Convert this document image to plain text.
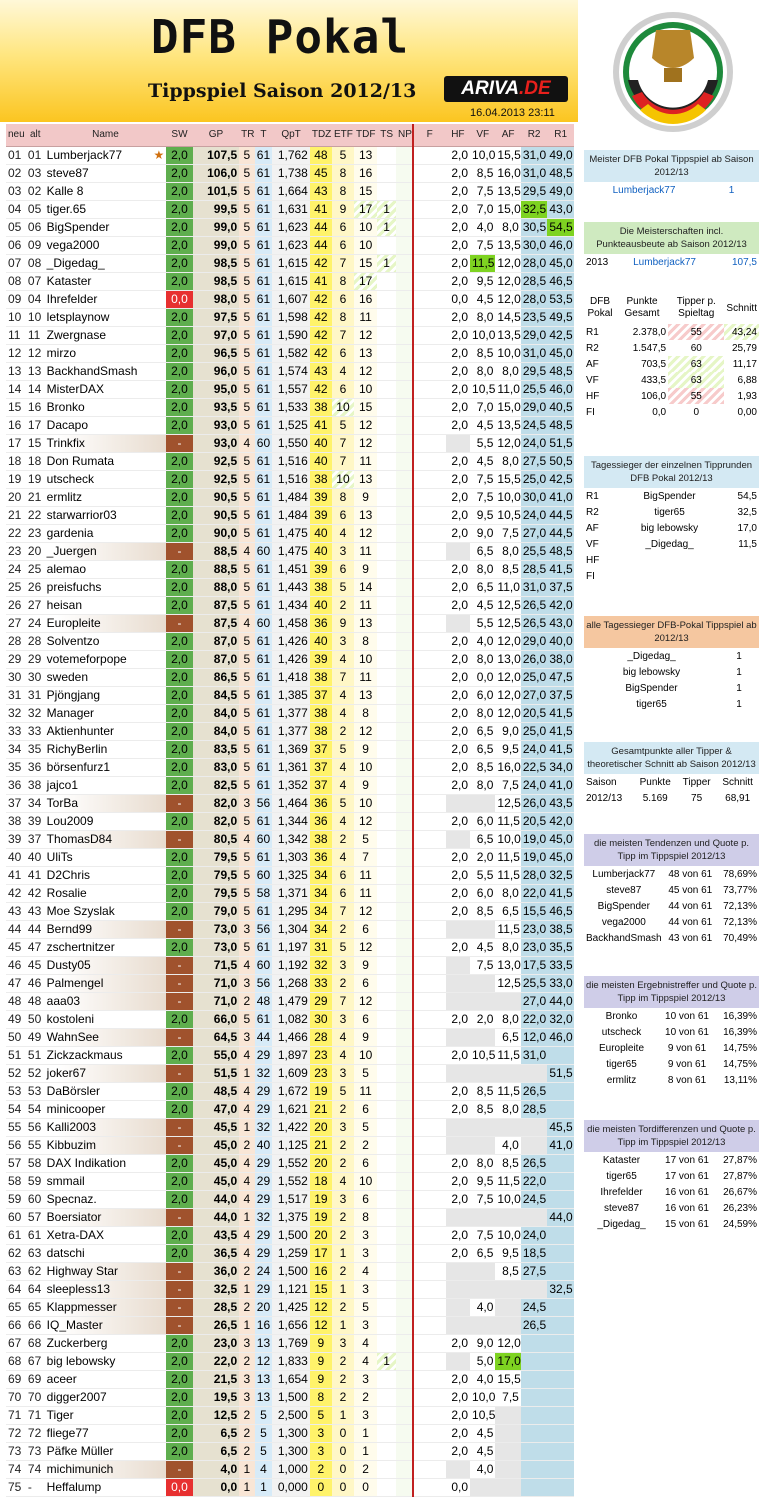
DFB Pokal
Tippspiel Saison 2012/13	ARIVA.DE
16.04.2013 23:11
neu	alt	Name	SW	GP	TR	T	QpT	TDZ	ETF	TDF	TS	NP	F	HF	VF	AF	R2	R1
01	01	Lumberjack77 ★	2,0	107,5	5	61	1,762	48	5	13				2,0	10,0	15,5	31,0	49,0
02	03	steve87	2,0	106,0	5	61	1,738	45	8	16				2,0	8,5	16,0	31,0	48,5
03	02	Kalle 8	2,0	101,5	5	61	1,664	43	8	15				2,0	7,5	13,5	29,5	49,0
04	05	tiger.65	2,0	99,5	5	61	1,631	41	9	17	1			2,0	7,0	15,0	32,5	43,0
05	06	BigSpender	2,0	99,0	5	61	1,623	44	6	10	1			2,0	4,0	8,0	30,5	54,5
06	09	vega2000	2,0	99,0	5	61	1,623	44	6	10				2,0	7,5	13,5	30,0	46,0
07	08	_Digedag_	2,0	98,5	5	61	1,615	42	7	15	1			2,0	11,5	12,0	28,0	45,0
08	07	Kataster	2,0	98,5	5	61	1,615	41	8	17				2,0	9,5	12,0	28,5	46,5
09	04	Ihrefelder	0,0	98,0	5	61	1,607	42	6	16				0,0	4,5	12,0	28,0	53,5
10	10	letsplaynow	2,0	97,5	5	61	1,598	42	8	11				2,0	8,0	14,5	23,5	49,5
11	11	Zwergnase	2,0	97,0	5	61	1,590	42	7	12				2,0	10,0	13,5	29,0	42,5
12	12	mirzo	2,0	96,5	5	61	1,582	42	6	13				2,0	8,5	10,0	31,0	45,0
13	13	BackhandSmash	2,0	96,0	5	61	1,574	43	4	12				2,0	8,0	8,0	29,5	48,5
14	14	MisterDAX	2,0	95,0	5	61	1,557	42	6	10				2,0	10,5	11,0	25,5	46,0
15	16	Bronko	2,0	93,5	5	61	1,533	38	10	15				2,0	7,0	15,0	29,0	40,5
16	17	Dacapo	2,0	93,0	5	61	1,525	41	5	12				2,0	4,5	13,5	24,5	48,5
17	15	Trinkfix	-	93,0	4	60	1,550	40	7	12					5,5	12,0	24,0	51,5
18	18	Don Rumata	2,0	92,5	5	61	1,516	40	7	11				2,0	4,5	8,0	27,5	50,5
19	19	utscheck	2,0	92,5	5	61	1,516	38	10	13				2,0	7,5	15,5	25,0	42,5
20	21	ermlitz	2,0	90,5	5	61	1,484	39	8	9				2,0	7,5	10,0	30,0	41,0
21	22	starwarrior03	2,0	90,5	5	61	1,484	39	6	13				2,0	9,5	10,5	24,0	44,5
22	23	gardenia	2,0	90,0	5	61	1,475	40	4	12				2,0	9,0	7,5	27,0	44,5
23	20	_Juergen	-	88,5	4	60	1,475	40	3	11					6,5	8,0	25,5	48,5
24	25	alemao	2,0	88,5	5	61	1,451	39	6	9				2,0	8,0	8,5	28,5	41,5
25	26	preisfuchs	2,0	88,0	5	61	1,443	38	5	14				2,0	6,5	11,0	31,0	37,5
26	27	heisan	2,0	87,5	5	61	1,434	40	2	11				2,0	4,5	12,5	26,5	42,0
27	24	Europleite	-	87,5	4	60	1,458	36	9	13					5,5	12,5	26,5	43,0
28	28	Solventzo	2,0	87,0	5	61	1,426	40	3	8				2,0	4,0	12,0	29,0	40,0
29	29	votemeforpope	2,0	87,0	5	61	1,426	39	4	10				2,0	8,0	13,0	26,0	38,0
30	30	sweden	2,0	86,5	5	61	1,418	38	7	11				2,0	0,0	12,0	25,0	47,5
31	31	Pjöngjang	2,0	84,5	5	61	1,385	37	4	13				2,0	6,0	12,0	27,0	37,5
32	32	Manager	2,0	84,0	5	61	1,377	38	4	8				2,0	8,0	12,0	20,5	41,5
33	33	Aktienhunter	2,0	84,0	5	61	1,377	38	2	12				2,0	6,5	9,0	25,0	41,5
34	35	RichyBerlin	2,0	83,5	5	61	1,369	37	5	9				2,0	6,5	9,5	24,0	41,5
35	36	börsenfurz1	2,0	83,0	5	61	1,361	37	4	10				2,0	8,5	16,0	22,5	34,0
36	38	jajco1	2,0	82,5	5	61	1,352	37	4	9				2,0	8,0	7,5	24,0	41,0
37	34	TorBa	-	82,0	3	56	1,464	36	5	10						12,5	26,0	43,5
38	39	Lou2009	2,0	82,0	5	61	1,344	36	4	12				2,0	6,0	11,5	20,5	42,0
39	37	ThomasD84	-	80,5	4	60	1,342	38	2	5					6,5	10,0	19,0	45,0
40	40	UliTs	2,0	79,5	5	61	1,303	36	4	7				2,0	2,0	11,5	19,0	45,0
41	41	D2Chris	2,0	79,5	5	60	1,325	34	6	11				2,0	5,5	11,5	28,0	32,5
42	42	Rosalie	2,0	79,5	5	58	1,371	34	6	11				2,0	6,0	8,0	22,0	41,5
43	43	Moe Szyslak	2,0	79,0	5	61	1,295	34	7	12				2,0	8,5	6,5	15,5	46,5
44	44	Bernd99	-	73,0	3	56	1,304	34	2	6						11,5	23,0	38,5
45	47	zschertnitzer	2,0	73,0	5	61	1,197	31	5	12				2,0	4,5	8,0	23,0	35,5
46	45	Dusty05	-	71,5	4	60	1,192	32	3	9					7,5	13,0	17,5	33,5
47	46	Palmengel	-	71,0	3	56	1,268	33	2	6						12,5	25,5	33,0
48	48	aaa03	-	71,0	2	48	1,479	29	7	12							27,0	44,0
49	50	kostoleni	2,0	66,0	5	61	1,082	30	3	6				2,0	2,0	8,0	22,0	32,0
50	49	WahnSee	-	64,5	3	44	1,466	28	4	9						6,5	12,0	46,0
51	51	Zickzackmaus	2,0	55,0	4	29	1,897	23	4	10				2,0	10,5	11,5	31,0	
52	52	joker67	-	51,5	1	32	1,609	23	3	5								51,5
53	53	DaBörsler	2,0	48,5	4	29	1,672	19	5	11				2,0	8,5	11,5	26,5	
54	54	minicooper	2,0	47,0	4	29	1,621	21	2	6				2,0	8,5	8,0	28,5	
55	56	Kalli2003	-	45,5	1	32	1,422	20	3	5								45,5
56	55	Kibbuzim	-	45,0	2	40	1,125	21	2	2						4,0		41,0
57	58	DAX Indikation	2,0	45,0	4	29	1,552	20	2	6				2,0	8,0	8,5	26,5	
58	59	smmail	2,0	45,0	4	29	1,552	18	4	10				2,0	9,5	11,5	22,0	
59	60	Specnaz.	2,0	44,0	4	29	1,517	19	3	6				2,0	7,5	10,0	24,5	
60	57	Boersiator	-	44,0	1	32	1,375	19	2	8								44,0
61	61	Xetra-DAX	2,0	43,5	4	29	1,500	20	2	3				2,0	7,5	10,0	24,0	
62	63	datschi	2,0	36,5	4	29	1,259	17	1	3				2,0	6,5	9,5	18,5	
63	62	Highway Star	-	36,0	2	24	1,500	16	2	4						8,5	27,5	
64	64	sleepless13	-	32,5	1	29	1,121	15	1	3								32,5
65	65	Klappmesser	-	28,5	2	20	1,425	12	2	5					4,0		24,5	
66	66	IQ_Master	-	26,5	1	16	1,656	12	1	3							26,5	
67	68	Zuckerberg	2,0	23,0	3	13	1,769	9	3	4				2,0	9,0	12,0		
68	67	big lebowsky	2,0	22,0	2	12	1,833	9	2	4	1				5,0	17,0		
69	69	aceer	2,0	21,5	3	13	1,654	9	2	3				2,0	4,0	15,5		
70	70	digger2007	2,0	19,5	3	13	1,500	8	2	2				2,0	10,0	7,5		
71	71	Tiger	2,0	12,5	2	5	2,500	5	1	3				2,0	10,5			
72	72	fliege77	2,0	6,5	2	5	1,300	3	0	1				2,0	4,5			
73	73	Päfke Müller	2,0	6,5	2	5	1,300	3	0	1				2,0	4,5			
74	74	michimunich	-	4,0	1	4	1,000	2	0	2					4,0			
75	-	Heffalump	0,0	0,0	1	1	0,000	0	0	0				0,0				
Meister DFB Pokal Tippspiel ab Saison 2012/13
Lumberjack77	1
Die Meisterschaften incl. Punkteausbeute ab Saison 2012/13
2013	Lumberjack77	107,5
DFB Pokal	Punkte Gesamt	Tipper p. Spieltag	Schnitt
R1	2.378,0	55	43,24
R2	1.547,5	60	25,79
AF	703,5	63	11,17
VF	433,5	63	6,88
HF	106,0	55	1,93
FI	0,0	0	0,00
Tagessieger der einzelnen Tipprunden DFB Pokal 2012/13
R1	BigSpender	54,5
R2	tiger65	32,5
AF	big lebowsky	17,0
VF	_Digedag_	11,5
HF		
FI		
alle Tagessieger DFB-Pokal Tippspiel ab 2012/13
_Digedag_	1
big lebowsky	1
BigSpender	1
tiger65	1
Gesamtpunkte aller Tipper & theoretischer Schnitt ab Saison 2012/13
Saison	Punkte	Tipper	Schnitt
2012/13	5.169	75	68,91
die meisten Tendenzen und Quote p. Tipp im Tippspiel 2012/13
Lumberjack77	48 von 61	78,69%
steve87	45 von 61	73,77%
BigSpender	44 von 61	72,13%
vega2000	44 von 61	72,13%
BackhandSmash	43 von 61	70,49%
die meisten Ergebnistreffer und Quote p. Tipp im Tippspiel 2012/13
Bronko	10 von 61	16,39%
utscheck	10 von 61	16,39%
Europleite	9 von 61	14,75%
tiger65	9 von 61	14,75%
ermlitz	8 von 61	13,11%
die meisten Tordifferenzen und Quote p. Tipp im Tippspiel 2012/13
Kataster	17 von 61	27,87%
tiger65	17 von 61	27,87%
Ihrefelder	16 von 61	26,67%
steve87	16 von 61	26,23%
_Digedag_	15 von 61	24,59%
